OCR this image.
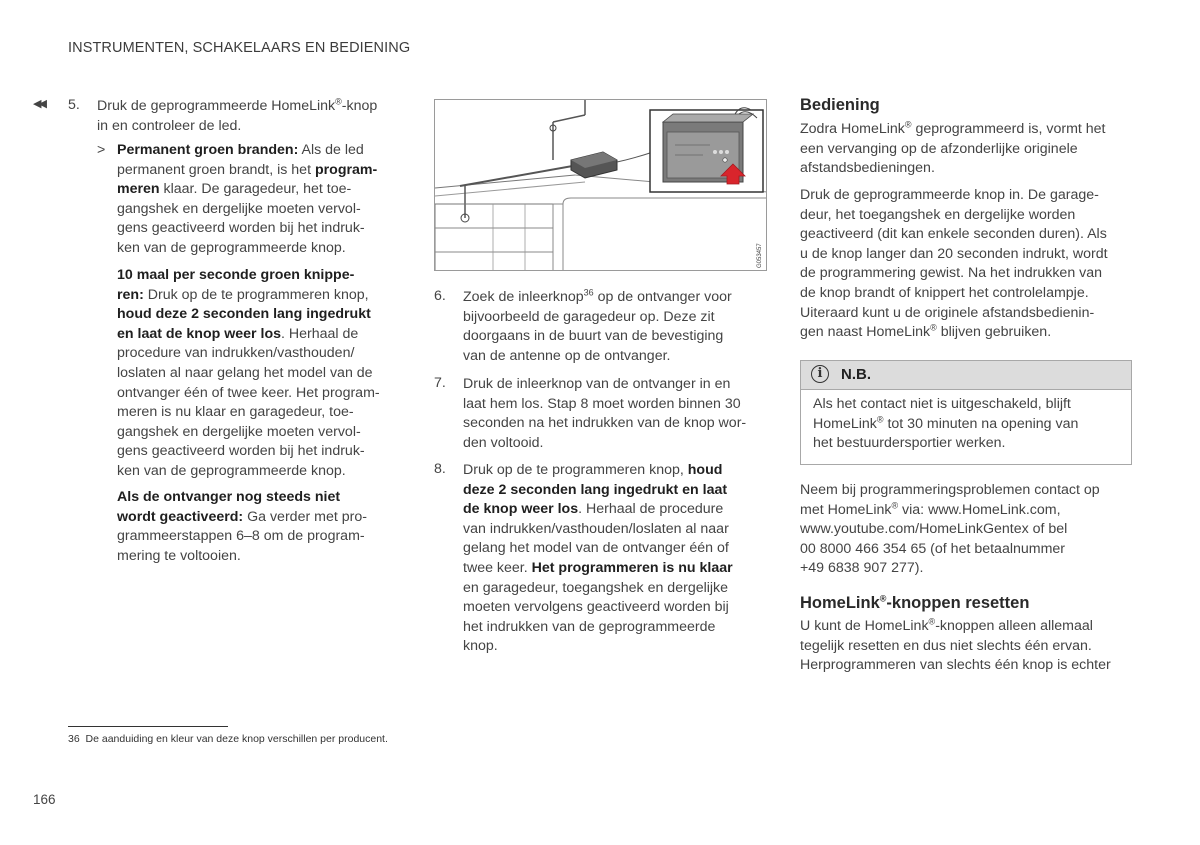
INSTRUMENTEN, SCHAKELAARS EN BEDIENING
◀◀ 5. Druk de geprogrammeerde HomeLink®-knop

in en controleer de led.

> Permanent groen branden: Als de led

permanent groen brandt, is het program-

meren klaar. De garagedeur, het toe-

gangshek en dergelijke moeten vervol-

gens geactiveerd worden bij het indruk-

ken van de geprogrammeerde knop.

10 maal per seconde groen knippe-

ren: Druk op de te programmeren knop,

houd deze 2 seconden lang ingedrukt

en laat de knop weer los. Herhaal de

procedure van indrukken/vasthouden/

loslaten al naar gelang het model van de

ontvanger één of twee keer. Het program-

meren is nu klaar en garagedeur, toe-

gangshek en dergelijke moeten vervol-

gens geactiveerd worden bij het indruk-

ken van de geprogrammeerde knop.

Als de ontvanger nog steeds niet

wordt geactiveerd: Ga verder met pro-

grammeerstappen 6–8 om de program-

mering te voltooien.

G053457
6. Zoek de inleerknop$^{36}$ op de ontvanger voor

bijvoorbeeld de garagedeur op. Deze zit

doorgaans in de buurt van de bevestiging

van de antenne op de ontvanger.

7. Druk de inleerknop van de ontvanger in en

laat hem los. Stap 8 moet worden binnen 30

seconden na het indrukken van de knop wor-

den voltooid.

8. Druk op de te programmeren knop, houd

deze 2 seconden lang ingedrukt en laat

de knop weer los. Herhaal de procedure

van indrukken/vasthouden/loslaten al naar

gelang het model van de ontvanger één of

twee keer. Het programmeren is nu klaar

en garagedeur, toegangshek en dergelijke

moeten vervolgens geactiveerd worden bij

het indrukken van de geprogrammeerde

knop.

Bediening

Zodra HomeLink® geprogrammeerd is, vormt het

een vervanging op de afzonderlijke originele

afstandsbedieningen.

Druk de geprogrammeerde knop in. De garage-

deur, het toegangshek en dergelijke worden

geactiveerd (dit kan enkele seconden duren). Als

u de knop langer dan 20 seconden indrukt, wordt

de programmering gewist. Na het indrukken van

de knop brandt of knippert het controlelampje.

Uiteraard kunt u de originele afstandsbedienin-

gen naast HomeLink® blijven gebruiken.

i	N.B.

Als het contact niet is uitgeschakeld, blijft

HomeLink® tot 30 minuten na opening van

het bestuurdersportier werken.

Neem bij programmeringsproblemen contact op

met HomeLink® via: www.HomeLink.com,

www.youtube.com/HomeLinkGentex of bel

00 8000 466 354 65 (of het betaalnummer

+49 6838 907 277).

HomeLink®-knoppen resetten

U kunt de HomeLink®-knoppen alleen allemaal

tegelijk resetten en dus niet slechts één ervan.

Herprogrammeren van slechts één knop is echter

36 De aanduiding en kleur van deze knop verschillen per producent.
166
